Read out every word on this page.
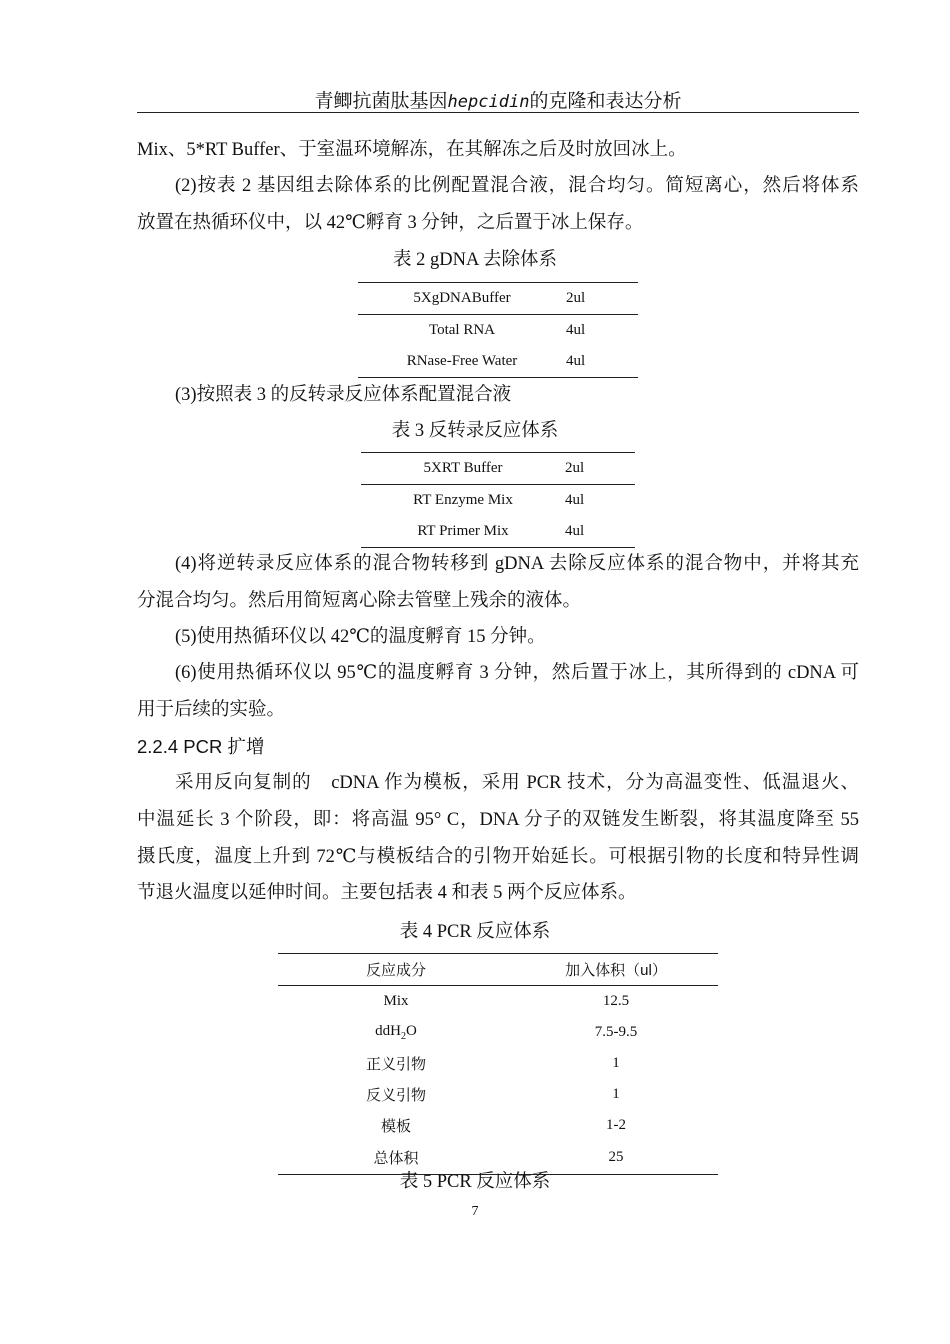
青鲫抗菌肽基因hepcidin的克隆和表达分析
Mix、5*RT Buffer、于室温环境解冻，在其解冻之后及时放回冰上。
(2)按表 2 基因组去除体系的比例配置混合液，混合均匀。简短离心，然后将体系
放置在热循环仪中，以 42℃孵育 3 分钟，之后置于冰上保存。
表 2 gDNA 去除体系
5XgDNABuffer	2ul
Total RNA	4ul
RNase-Free Water	4ul
(3)按照表 3 的反转录反应体系配置混合液
表 3 反转录反应体系
5XRT Buffer	2ul
RT Enzyme Mix	4ul
RT Primer Mix	4ul
(4)将逆转录反应体系的混合物转移到 gDNA 去除反应体系的混合物中，并将其充
分混合均匀。然后用简短离心除去管壁上残余的液体。
(5)使用热循环仪以 42℃的温度孵育 15 分钟。
(6)使用热循环仪以 95℃的温度孵育 3 分钟，然后置于冰上，其所得到的 cDNA 可
用于后续的实验。
2.2.4 PCR 扩增
采用反向复制的　cDNA 作为模板，采用 PCR 技术，分为高温变性、低温退火、
中温延长 3 个阶段，即：将高温 95° C，DNA 分子的双链发生断裂，将其温度降至 55
摄氏度，温度上升到 72℃与模板结合的引物开始延长。可根据引物的长度和特异性调
节退火温度以延伸时间。主要包括表 4 和表 5 两个反应体系。
表 4 PCR 反应体系
反应成分	加入体积（ul）
Mix	12.5
ddH$_2$O	7.5-9.5
正义引物	1
反义引物	1
模板	1-2
总体积	25
表 5 PCR 反应体系
7
